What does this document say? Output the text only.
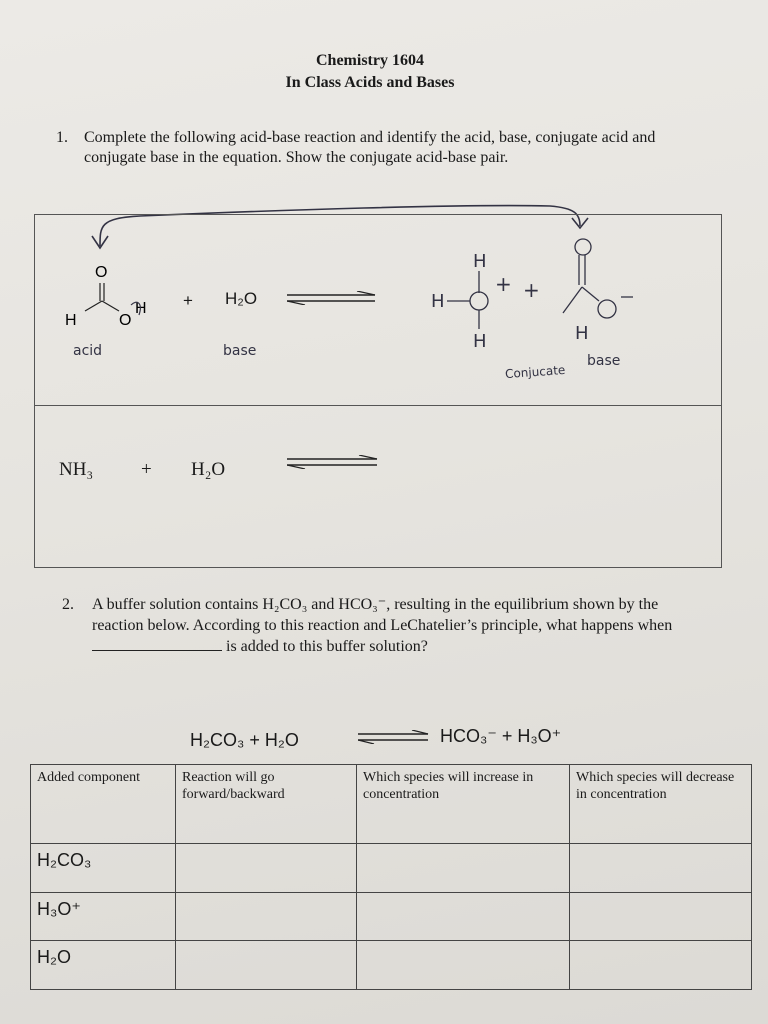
Chemistry 1604
In Class Acids and Bases
1. Complete the following acid-base reaction and identify the acid, base, conjugate acid and conjugate base in the equation. Show the conjugate acid-base pair.
O
H	O
H + H₂O
H
H
H
+ +
H
acid	base
Conjucate
base
NH₃	+ H₂O
2. A buffer solution contains H₂CO₃ and HCO₃⁻, resulting in the equilibrium shown by the reaction below. According to this reaction and LeChatelier’s principle, what happens when  is added to this buffer solution?
H₂CO₃ + H₂O	⇌ HCO₃⁻ + H₃O⁺
Added component	Reaction will go forward/backward	Which species will increase in concentration	Which species will decrease in concentration
H₂CO₃			
H₃O⁺			
H₂O			
